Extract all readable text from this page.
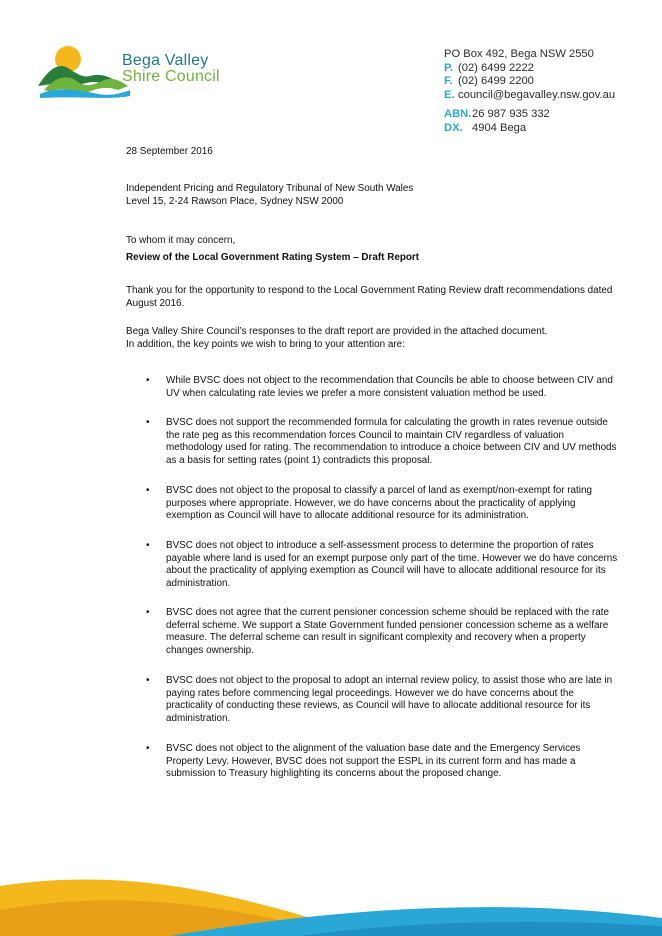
Bega Valley
Shire Council
PO Box 492, Bega NSW 2550
P. (02) 6499 2222
F. (02) 6499 2200
E. council@begavalley.nsw.gov.au
ABN.26 987 935 332
DX. 4904 Bega

28 September 2016

Independent Pricing and Regulatory Tribunal of New South Wales

Level 15, 2-24 Rawson Place, Sydney NSW 2000

To whom it may concern,

Review of the Local Government Rating System – Draft Report

Thank you for the opportunity to respond to the Local Government Rating Review draft recommendations dated August 2016.

Bega Valley Shire Council’s responses to the draft report are provided in the attached document.

In addition, the key points we wish to bring to your attention are:

• While BVSC does not object to the recommendation that Councils be able to choose between CIV and UV when calculating rate levies we prefer a more consistent valuation method be used.
• BVSC does not support the recommended formula for calculating the growth in rates revenue outside the rate peg as this recommendation forces Council to maintain CIV regardless of valuation methodology used for rating. The recommendation to introduce a choice between CIV and UV methods as a basis for setting rates (point 1) contradicts this proposal.
• BVSC does not object to the proposal to classify a parcel of land as exempt/non-exempt for rating purposes where appropriate. However, we do have concerns about the practicality of applying exemption as Council will have to allocate additional resource for its administration.
• BVSC does not object to introduce a self-assessment process to determine the proportion of rates payable where land is used for an exempt purpose only part of the time. However we do have concerns about the practicality of applying exemption as Council will have to allocate additional resource for its administration.
• BVSC does not agree that the current pensioner concession scheme should be replaced with the rate deferral scheme. We support a State Government funded pensioner concession scheme as a welfare measure. The deferral scheme can result in significant complexity and recovery when a property changes ownership.
• BVSC does not object to the proposal to adopt an internal review policy, to assist those who are late in paying rates before commencing legal proceedings. However we do have concerns about the practicality of conducting these reviews, as Council will have to allocate additional resource for its administration.
• BVSC does not object to the alignment of the valuation base date and the Emergency Services Property Levy. However, BVSC does not support the ESPL in its current form and has made a submission to Treasury highlighting its concerns about the proposed change.
